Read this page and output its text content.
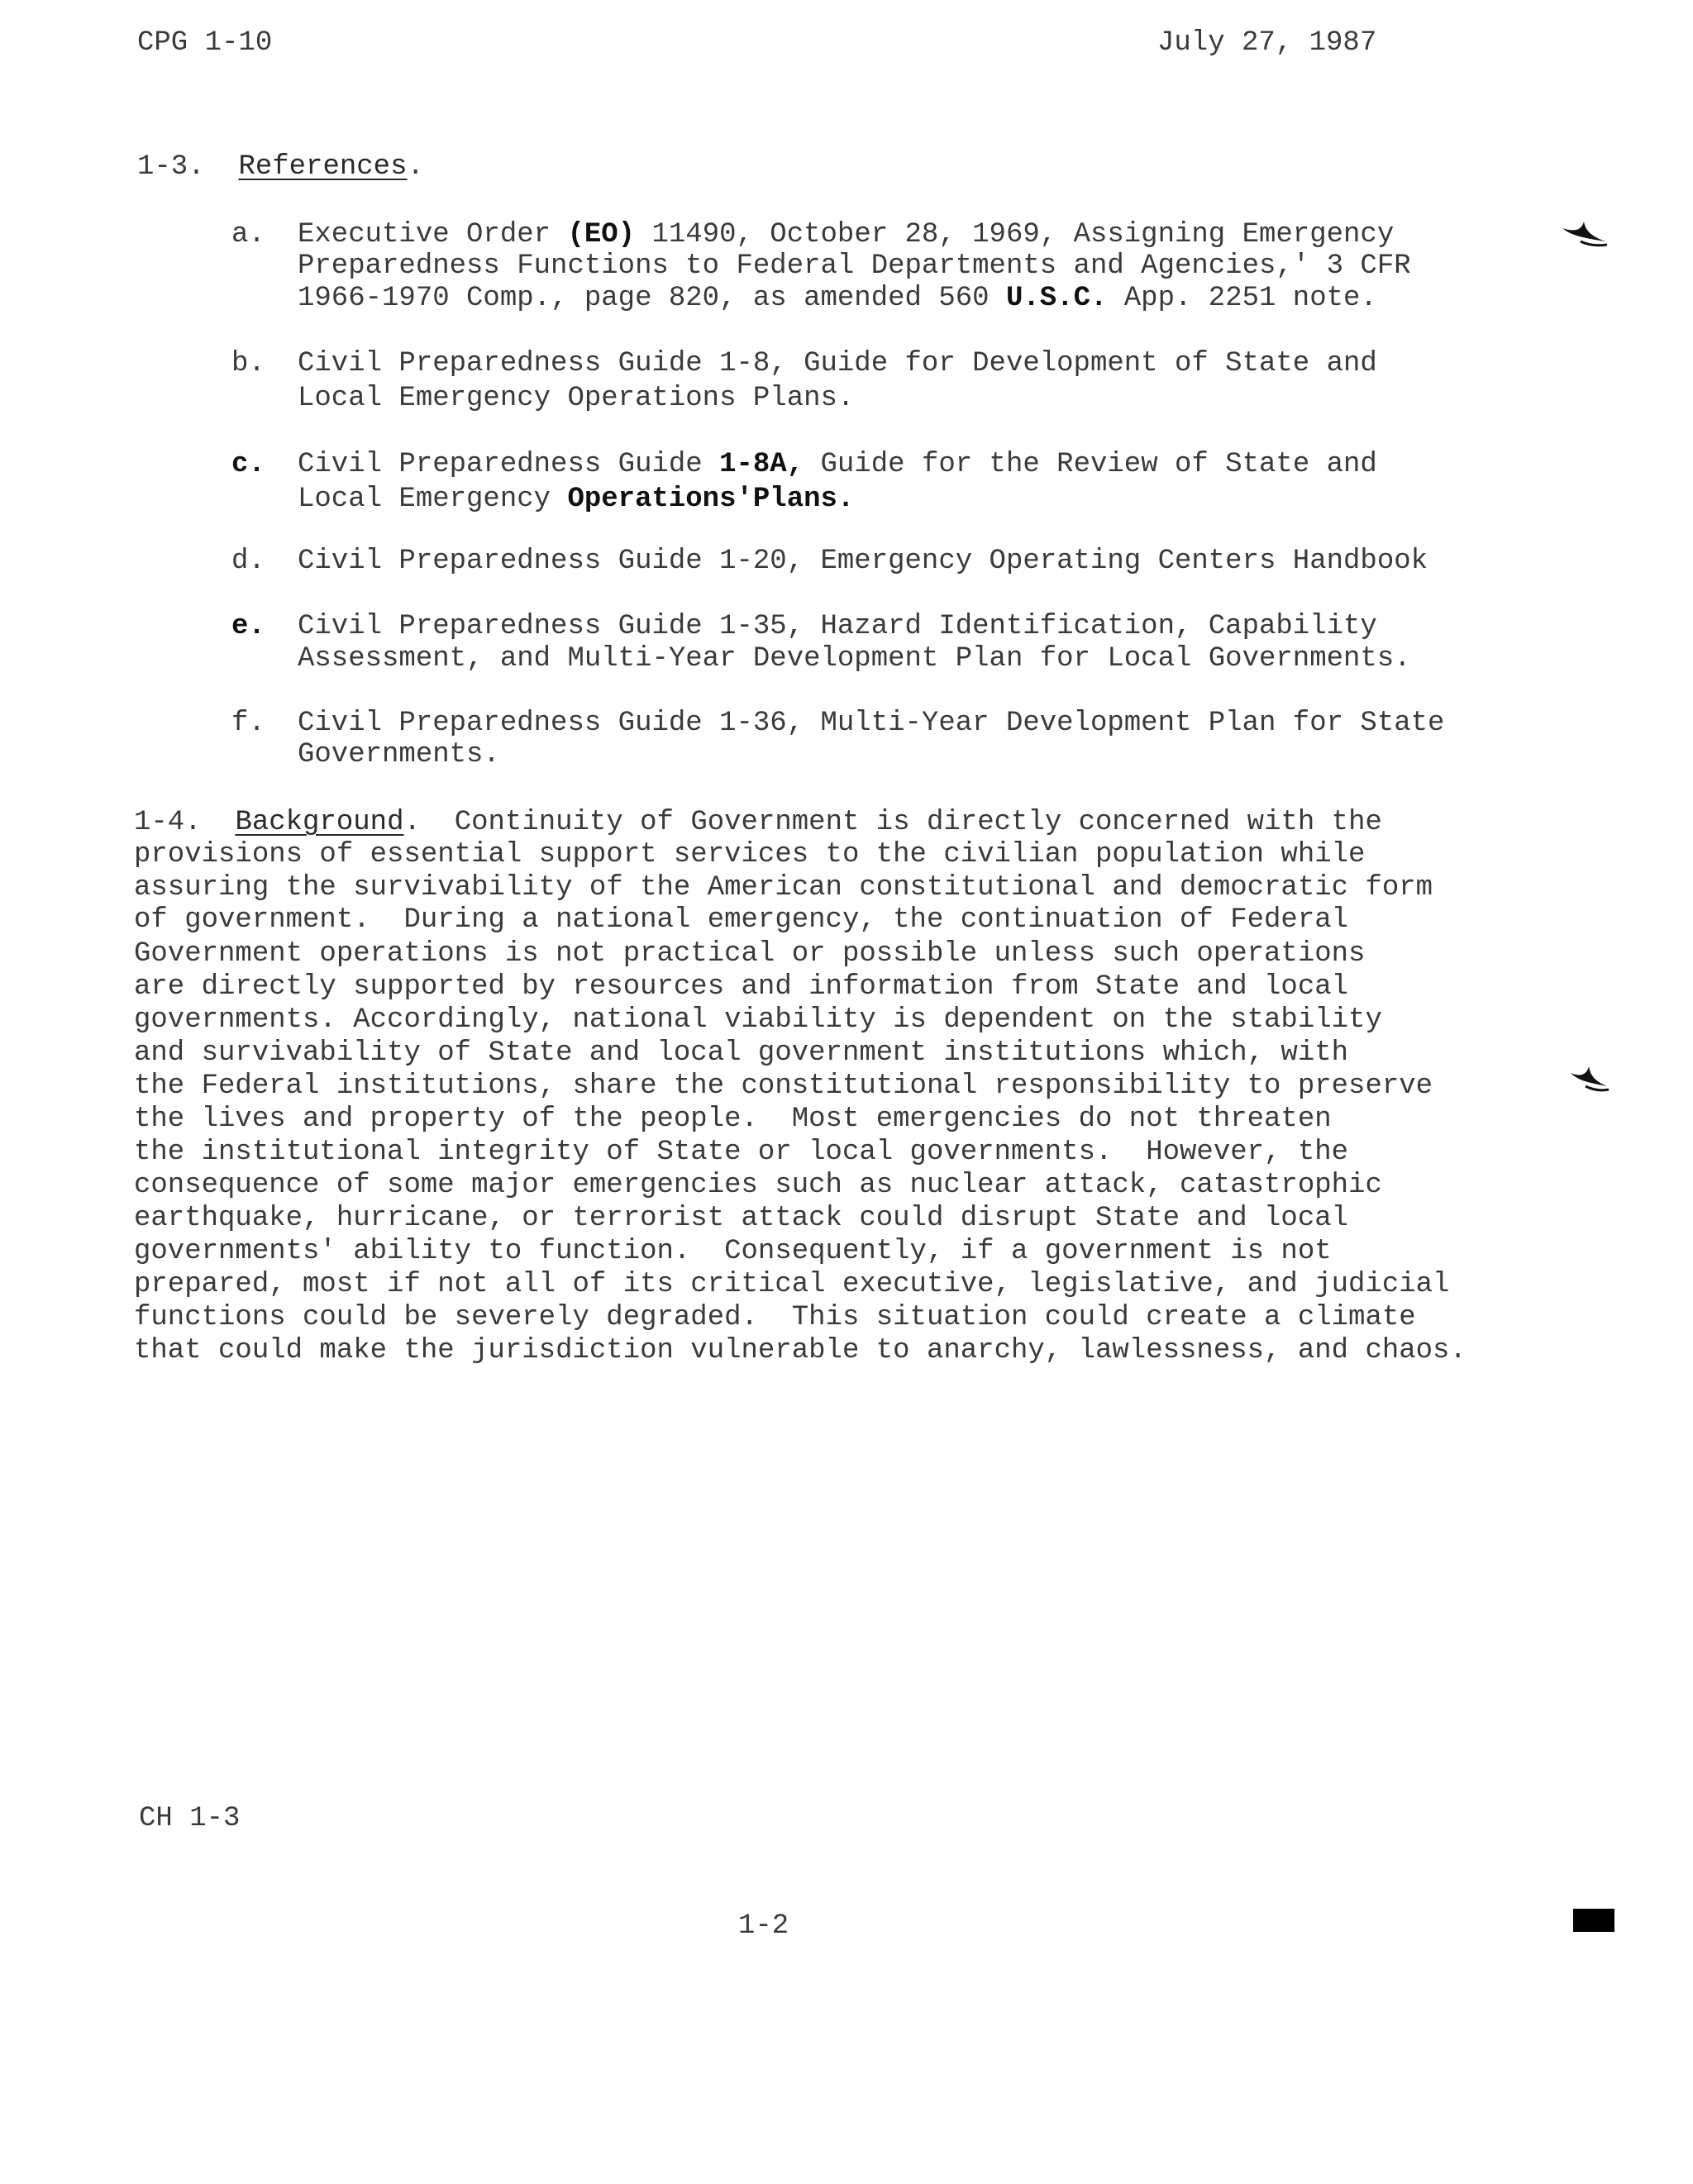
CPG 1-10	July 27, 1987
1-3. References.
a. Executive Order (EO) 11490, October 28, 1969, Assigning Emergency
Preparedness Functions to Federal Departments and Agencies,' 3 CFR
1966-1970 Comp., page 820, as amended 560 U.S.C. App. 2251 note.
b. Civil Preparedness Guide 1-8, Guide for Development of State and
Local Emergency Operations Plans.
c. Civil Preparedness Guide 1-8A, Guide for the Review of State and
Local Emergency Operations'Plans.
d. Civil Preparedness Guide 1-20, Emergency Operating Centers Handbook
e. Civil Preparedness Guide 1-35, Hazard Identification, Capability
Assessment, and Multi-Year Development Plan for Local Governments.
f. Civil Preparedness Guide 1-36, Multi-Year Development Plan for State
Governments.
1-4. Background. Continuity of Government is directly concerned with the
provisions of essential support services to the civilian population while
assuring the survivability of the American constitutional and democratic form
of government.  During a national emergency, the continuation of Federal
Government operations is not practical or possible unless such operations
are directly supported by resources and information from State and local
governments. Accordingly, national viability is dependent on the stability
and survivability of State and local government institutions which, with
the Federal institutions, share the constitutional responsibility to preserve
the lives and property of the people.  Most emergencies do not threaten
the institutional integrity of State or local governments.  However, the
consequence of some major emergencies such as nuclear attack, catastrophic
earthquake, hurricane, or terrorist attack could disrupt State and local
governments' ability to function.  Consequently, if a government is not
prepared, most if not all of its critical executive, legislative, and judicial
functions could be severely degraded.  This situation could create a climate
that could make the jurisdiction vulnerable to anarchy, lawlessness, and chaos.
CH 1-3
1-2
